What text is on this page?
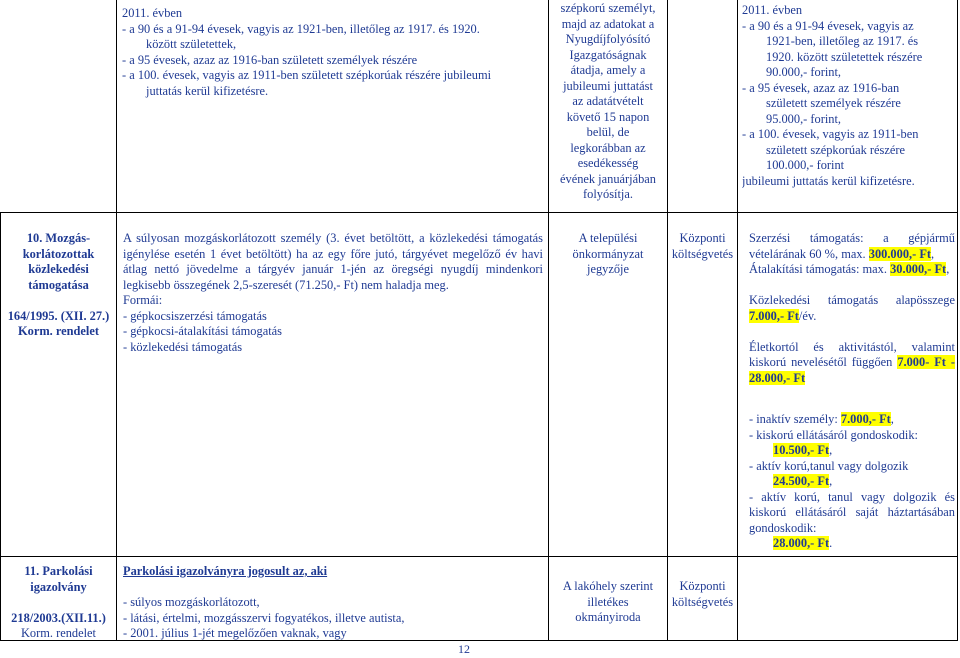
2011. évben

- a 90 és a 91-94 évesek, vagyis az 1921-ben, illetőleg az 1917. és 1920.

között születettek,

- a 95 évesek, azaz az 1916-ban született személyek részére

- a 100. évesek, vagyis az 1911-ben született szépkorúak részére jubileumi

juttatás kerül kifizetésre.

szépkorú személyt,

majd az adatokat a

Nyugdíjfolyósító

Igazgatóságnak

átadja, amely a

jubileumi juttatást

az adatátvételt

követő 15 napon

belül, de

legkorábban az

esedékesség

évének januárjában

folyósítja.

2011. évben

- a 90 és a 91-94 évesek, vagyis az

1921-ben, illetőleg az 1917. és

1920. között születettek részére

90.000,- forint,

- a 95 évesek, azaz az 1916-ban

született személyek részére

95.000,- forint,

- a 100. évesek, vagyis az 1911-ben

született szépkorúak részére

100.000,- forint

jubileumi juttatás kerül kifizetésre.

10. Mozgás-

korlátozottak

közlekedési

támogatása

164/1995. (XII. 27.)

Korm. rendelet

A súlyosan mozgáskorlátozott személy (3. évet betöltött, a közlekedési támogatás igénylése esetén 1 évet betöltött) ha az egy főre jutó, tárgyévet megelőző év havi átlag nettó jövedelme a tárgyév január 1-jén az öregségi nyugdíj mindenkori legkisebb összegének 2,5-szeresét (71.250,- Ft) nem haladja meg.

Formái:

- gépkocsiszerzési támogatás

- gépkocsi-átalakítási támogatás

- közlekedési támogatás

A települési

önkormányzat

jegyzője

Központi

költségvetés

Szerzési támogatás: a gépjármű vételárának 60 %, max. 300.000,- Ft,

Átalakítási támogatás: max. 30.000,- Ft,

Közlekedési támogatás alapösszege 7.000,- Ft/év.

Életkortól és aktivitástól, valamint kiskorú nevelésétől függően 7.000- Ft - 28.000,- Ft

- inaktív személy: 7.000,- Ft,

- kiskorú ellátásáról gondoskodik:

10.500,- Ft,

- aktív korú,tanul vagy dolgozik

24.500,- Ft,

- aktív korú, tanul vagy dolgozik és kiskorú ellátásáról saját háztartásában gondoskodik:

28.000,- Ft.

11. Parkolási

igazolvány

218/2003.(XII.11.)

Korm. rendelet

Parkolási igazolványra jogosult az, aki

- súlyos mozgáskorlátozott,

- látási, értelmi, mozgásszervi fogyatékos, illetve autista,

- 2001. július 1-jét megelőzően vaknak, vagy

A lakóhely szerint

illetékes

okmányiroda

Központi

költségvetés

12
